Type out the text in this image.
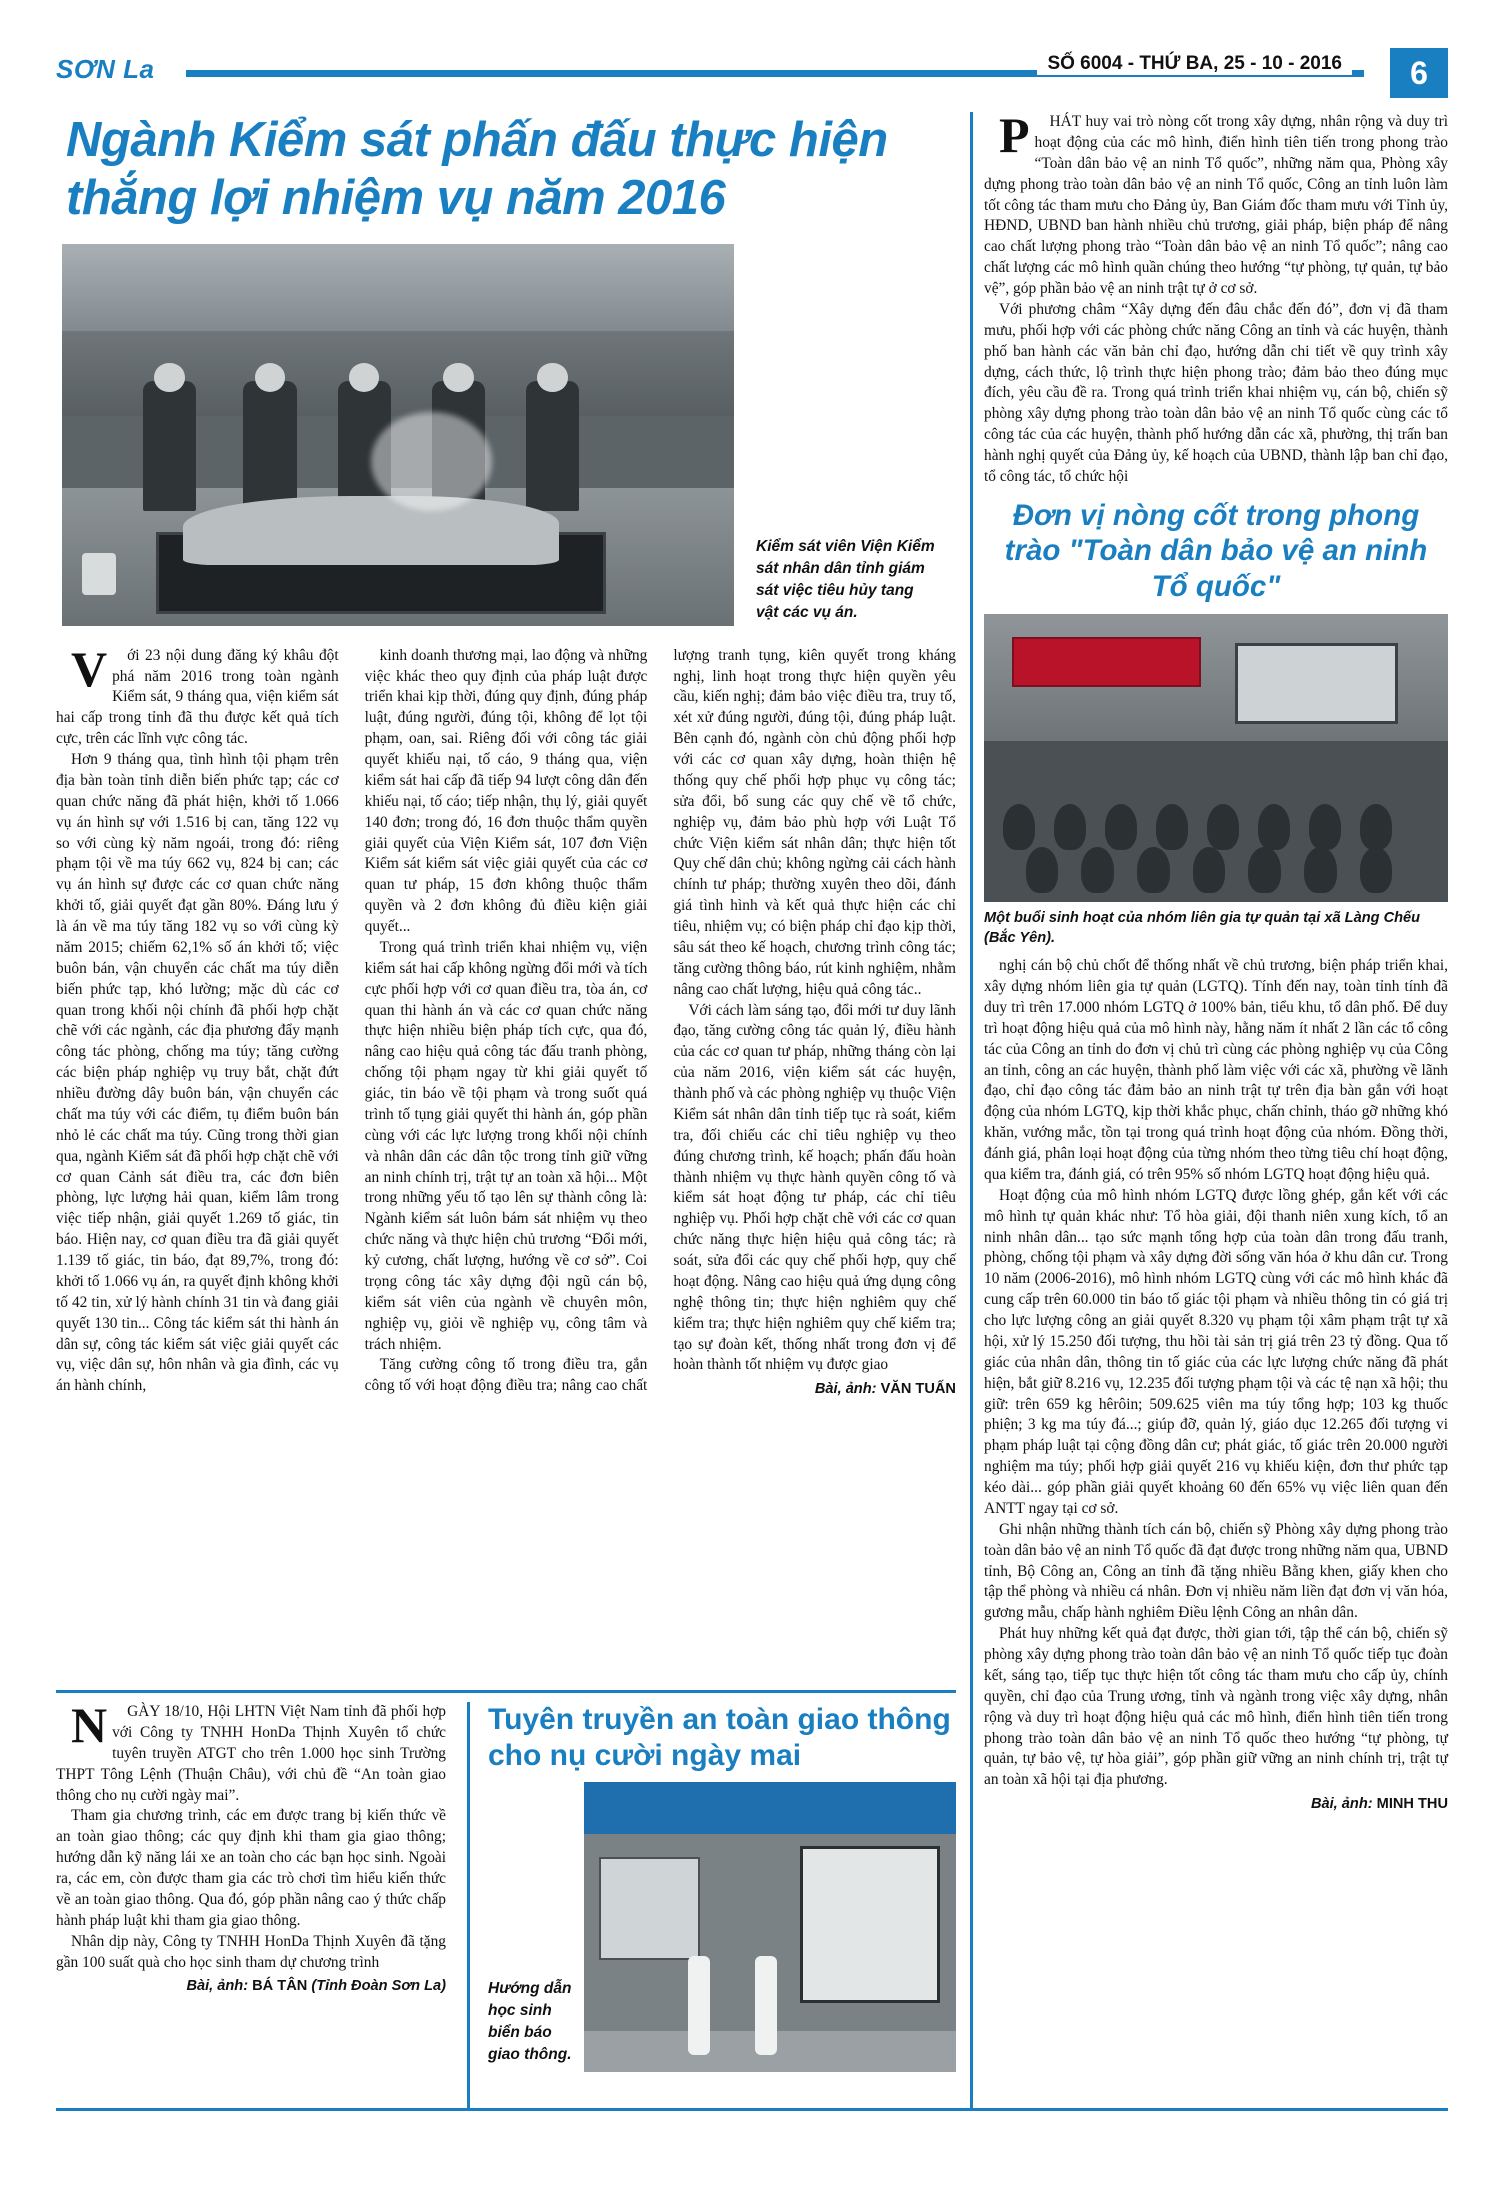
SƠN La	SỐ 6004 - THỨ BA, 25 - 10 - 2016	6
Ngành Kiểm sát phấn đấu thực hiện thắng lợi nhiệm vụ năm 2016
Kiểm sát viên Viện Kiểm sát nhân dân tỉnh giám sát việc tiêu hủy tang vật các vụ án.

Với 23 nội dung đăng ký khâu đột phá năm 2016 trong toàn ngành Kiểm sát, 9 tháng qua, viện kiểm sát hai cấp trong tỉnh đã thu được kết quả tích cực, trên các lĩnh vực công tác.

Hơn 9 tháng qua, tình hình tội phạm trên địa bàn toàn tỉnh diễn biến phức tạp; các cơ quan chức năng đã phát hiện, khởi tố 1.066 vụ án hình sự với 1.516 bị can, tăng 122 vụ so với cùng kỳ năm ngoái, trong đó: riêng phạm tội về ma túy 662 vụ, 824 bị can; các vụ án hình sự được các cơ quan chức năng khởi tố, giải quyết đạt gần 80%. Đáng lưu ý là án về ma túy tăng 182 vụ so với cùng kỳ năm 2015; chiếm 62,1% số án khởi tố; việc buôn bán, vận chuyển các chất ma túy diễn biến phức tạp, khó lường; mặc dù các cơ quan trong khối nội chính đã phối hợp chặt chẽ với các ngành, các địa phương đẩy mạnh công tác phòng, chống ma túy; tăng cường các biện pháp nghiệp vụ truy bắt, chặt đứt nhiều đường dây buôn bán, vận chuyển các chất ma túy với các điểm, tụ điểm buôn bán nhỏ lẻ các chất ma túy. Cũng trong thời gian qua, ngành Kiểm sát đã phối hợp chặt chẽ với cơ quan Cảnh sát điều tra, các đơn biên phòng, lực lượng hải quan, kiểm lâm trong việc tiếp nhận, giải quyết 1.269 tố giác, tin báo. Hiện nay, cơ quan điều tra đã giải quyết 1.139 tố giác, tin báo, đạt 89,7%, trong đó: khởi tố 1.066 vụ án, ra quyết định không khởi tố 42 tin, xử lý hành chính 31 tin và đang giải quyết 130 tin... Công tác kiểm sát thi hành án dân sự, công tác kiểm sát việc giải quyết các vụ, việc dân sự, hôn nhân và gia đình, các vụ án hành chính,

kinh doanh thương mại, lao động và những việc khác theo quy định của pháp luật được triển khai kịp thời, đúng quy định, đúng pháp luật, đúng người, đúng tội, không để lọt tội phạm, oan, sai. Riêng đối với công tác giải quyết khiếu nại, tố cáo, 9 tháng qua, viện kiểm sát hai cấp đã tiếp 94 lượt công dân đến khiếu nại, tố cáo; tiếp nhận, thụ lý, giải quyết 140 đơn; trong đó, 16 đơn thuộc thẩm quyền giải quyết của Viện Kiểm sát, 107 đơn Viện Kiểm sát kiểm sát việc giải quyết của các cơ quan tư pháp, 15 đơn không thuộc thẩm quyền và 2 đơn không đủ điều kiện giải quyết...

Trong quá trình triển khai nhiệm vụ, viện kiểm sát hai cấp không ngừng đổi mới và tích cực phối hợp với cơ quan điều tra, tòa án, cơ quan thi hành án và các cơ quan chức năng thực hiện nhiều biện pháp tích cực, qua đó, nâng cao hiệu quả công tác đấu tranh phòng, chống tội phạm ngay từ khi giải quyết tố giác, tin báo về tội phạm và trong suốt quá trình tố tụng giải quyết thi hành án, góp phần cùng với các lực lượng trong khối nội chính và nhân dân các dân tộc trong tỉnh giữ vững an ninh chính trị, trật tự an toàn xã hội... Một trong những yếu tố tạo lên sự thành công là: Ngành kiểm sát luôn bám sát nhiệm vụ theo chức năng và thực hiện chủ trương “Đổi mới, kỷ cương, chất lượng, hướng về cơ sở”. Coi trọng công tác xây dựng đội ngũ cán bộ, kiểm sát viên của ngành về chuyên môn, nghiệp vụ, giỏi về nghiệp vụ, công tâm và trách nhiệm.

Tăng cường công tố trong điều tra, gắn công tố với hoạt động điều tra; nâng cao chất lượng tranh tụng, kiên quyết trong kháng nghị, linh hoạt trong thực hiện quyền yêu cầu, kiến nghị; đảm bảo việc điều tra, truy tố, xét xử đúng người, đúng tội, đúng pháp luật. Bên cạnh đó, ngành còn chủ động phối hợp với các cơ quan xây dựng, hoàn thiện hệ thống quy chế phối hợp phục vụ công tác; sửa đổi, bổ sung các quy chế về tổ chức, nghiệp vụ, đảm bảo phù hợp với Luật Tổ chức Viện kiểm sát nhân dân; thực hiện tốt Quy chế dân chủ; không ngừng cải cách hành chính tư pháp; thường xuyên theo dõi, đánh giá tình hình và kết quả thực hiện các chỉ tiêu, nhiệm vụ; có biện pháp chỉ đạo kịp thời, sâu sát theo kế hoạch, chương trình công tác; tăng cường thông báo, rút kinh nghiệm, nhằm nâng cao chất lượng, hiệu quả công tác..

Với cách làm sáng tạo, đổi mới tư duy lãnh đạo, tăng cường công tác quản lý, điều hành của các cơ quan tư pháp, những tháng còn lại của năm 2016, viện kiểm sát các huyện, thành phố và các phòng nghiệp vụ thuộc Viện Kiểm sát nhân dân tỉnh tiếp tục rà soát, kiểm tra, đối chiếu các chỉ tiêu nghiệp vụ theo đúng chương trình, kế hoạch; phấn đấu hoàn thành nhiệm vụ thực hành quyền công tố và kiểm sát hoạt động tư pháp, các chỉ tiêu nghiệp vụ. Phối hợp chặt chẽ với các cơ quan chức năng thực hiện hiệu quả công tác; rà soát, sửa đổi các quy chế phối hợp, quy chế hoạt động. Nâng cao hiệu quả ứng dụng công nghệ thông tin; thực hiện nghiêm quy chế kiểm tra; thực hiện nghiêm quy chế kiểm tra; tạo sự đoàn kết, thống nhất trong đơn vị để hoàn thành tốt nhiệm vụ được giao

Bài, ảnh: VĂN TUẤN

PHÁT huy vai trò nòng cốt trong xây dựng, nhân rộng và duy trì hoạt động của các mô hình, điển hình tiên tiến trong phong trào “Toàn dân bảo vệ an ninh Tổ quốc”, những năm qua, Phòng xây dựng phong trào toàn dân bảo vệ an ninh Tổ quốc, Công an tỉnh luôn làm tốt công tác tham mưu cho Đảng ủy, Ban Giám đốc tham mưu với Tỉnh ủy, HĐND, UBND ban hành nhiều chủ trương, giải pháp, biện pháp để nâng cao chất lượng phong trào “Toàn dân bảo vệ an ninh Tổ quốc”; nâng cao chất lượng các mô hình quần chúng theo hướng “tự phòng, tự quản, tự bảo vệ”, góp phần bảo vệ an ninh trật tự ở cơ sở.

Với phương châm “Xây dựng đến đâu chắc đến đó”, đơn vị đã tham mưu, phối hợp với các phòng chức năng Công an tỉnh và các huyện, thành phố ban hành các văn bản chỉ đạo, hướng dẫn chi tiết về quy trình xây dựng, cách thức, lộ trình thực hiện phong trào; đảm bảo theo đúng mục đích, yêu cầu đề ra. Trong quá trình triển khai nhiệm vụ, cán bộ, chiến sỹ phòng xây dựng phong trào toàn dân bảo vệ an ninh Tổ quốc cùng các tổ công tác của các huyện, thành phố hướng dẫn các xã, phường, thị trấn ban hành nghị quyết của Đảng ủy, kế hoạch của UBND, thành lập ban chỉ đạo, tổ công tác, tổ chức hội

Đơn vị nòng cốt trong phong trào "Toàn dân bảo vệ an ninh Tổ quốc"
Một buổi sinh hoạt của nhóm liên gia tự quản tại xã Làng Chếu (Bắc Yên).

nghị cán bộ chủ chốt để thống nhất về chủ trương, biện pháp triển khai, xây dựng nhóm liên gia tự quản (LGTQ). Tính đến nay, toàn tỉnh tính đã duy trì trên 17.000 nhóm LGTQ ở 100% bản, tiểu khu, tổ dân phố. Để duy trì hoạt động hiệu quả của mô hình này, hằng năm ít nhất 2 lần các tổ công tác của Công an tỉnh do đơn vị chủ trì cùng các phòng nghiệp vụ của Công an tỉnh, công an các huyện, thành phố làm việc với các xã, phường về lãnh đạo, chỉ đạo công tác đảm bảo an ninh trật tự trên địa bàn gắn với hoạt động của nhóm LGTQ, kịp thời khắc phục, chấn chỉnh, tháo gỡ những khó khăn, vướng mắc, tồn tại trong quá trình hoạt động của nhóm. Đồng thời, đánh giá, phân loại hoạt động của từng nhóm theo từng tiêu chí hoạt động, qua kiểm tra, đánh giá, có trên 95% số nhóm LGTQ hoạt động hiệu quả.

Hoạt động của mô hình nhóm LGTQ được lồng ghép, gắn kết với các mô hình tự quản khác như: Tổ hòa giải, đội thanh niên xung kích, tổ an ninh nhân dân... tạo sức mạnh tổng hợp của toàn dân trong đấu tranh, phòng, chống tội phạm và xây dựng đời sống văn hóa ở khu dân cư. Trong 10 năm (2006-2016), mô hình nhóm LGTQ cùng với các mô hình khác đã cung cấp trên 60.000 tin báo tố giác tội phạm và nhiều thông tin có giá trị cho lực lượng công an giải quyết 8.320 vụ phạm tội xâm phạm trật tự xã hội, xử lý 15.250 đối tượng, thu hồi tài sản trị giá trên 23 tỷ đồng. Qua tố giác của nhân dân, thông tin tố giác của các lực lượng chức năng đã phát hiện, bắt giữ 8.216 vụ, 12.235 đối tượng phạm tội và các tệ nạn xã hội; thu giữ: trên 659 kg hêrôin; 509.625 viên ma túy tổng hợp; 103 kg thuốc phiện; 3 kg ma túy đá...; giúp đỡ, quản lý, giáo dục 12.265 đối tượng vi phạm pháp luật tại cộng đồng dân cư; phát giác, tố giác trên 20.000 người nghiệm ma túy; phối hợp giải quyết 216 vụ khiếu kiện, đơn thư phức tạp kéo dài... góp phần giải quyết khoảng 60 đến 65% vụ việc liên quan đến ANTT ngay tại cơ sở.

Ghi nhận những thành tích cán bộ, chiến sỹ Phòng xây dựng phong trào toàn dân bảo vệ an ninh Tổ quốc đã đạt được trong những năm qua, UBND tỉnh, Bộ Công an, Công an tỉnh đã tặng nhiều Bằng khen, giấy khen cho tập thể phòng và nhiều cá nhân. Đơn vị nhiều năm liền đạt đơn vị văn hóa, gương mẫu, chấp hành nghiêm Điều lệnh Công an nhân dân.

Phát huy những kết quả đạt được, thời gian tới, tập thể cán bộ, chiến sỹ phòng xây dựng phong trào toàn dân bảo vệ an ninh Tổ quốc tiếp tục đoàn kết, sáng tạo, tiếp tục thực hiện tốt công tác tham mưu cho cấp ủy, chính quyền, chỉ đạo của Trung ương, tỉnh và ngành trong việc xây dựng, nhân rộng và duy trì hoạt động hiệu quả các mô hình, điển hình tiên tiến trong phong trào toàn dân bảo vệ an ninh Tổ quốc theo hướng “tự phòng, tự quản, tự bảo vệ, tự hòa giải”, góp phần giữ vững an ninh chính trị, trật tự an toàn xã hội tại địa phương.

Bài, ảnh: MINH THU

NGÀY 18/10, Hội LHTN Việt Nam tỉnh đã phối hợp với Công ty TNHH HonDa Thịnh Xuyên tổ chức tuyên truyền ATGT cho trên 1.000 học sinh Trường THPT Tông Lệnh (Thuận Châu), với chủ đề “An toàn giao thông cho nụ cười ngày mai”.

Tham gia chương trình, các em được trang bị kiến thức về an toàn giao thông; các quy định khi tham gia giao thông; hướng dẫn kỹ năng lái xe an toàn cho các bạn học sinh. Ngoài ra, các em, còn được tham gia các trò chơi tìm hiểu kiến thức về an toàn giao thông. Qua đó, góp phần nâng cao ý thức chấp hành pháp luật khi tham gia giao thông.

Nhân dịp này, Công ty TNHH HonDa Thịnh Xuyên đã tặng gần 100 suất quà cho học sinh tham dự chương trình

Bài, ảnh: BÁ TÂN (Tỉnh Đoàn Sơn La)
Tuyên truyền an toàn giao thông cho nụ cười ngày mai
Hướng dẫn học sinh biển báo giao thông.
